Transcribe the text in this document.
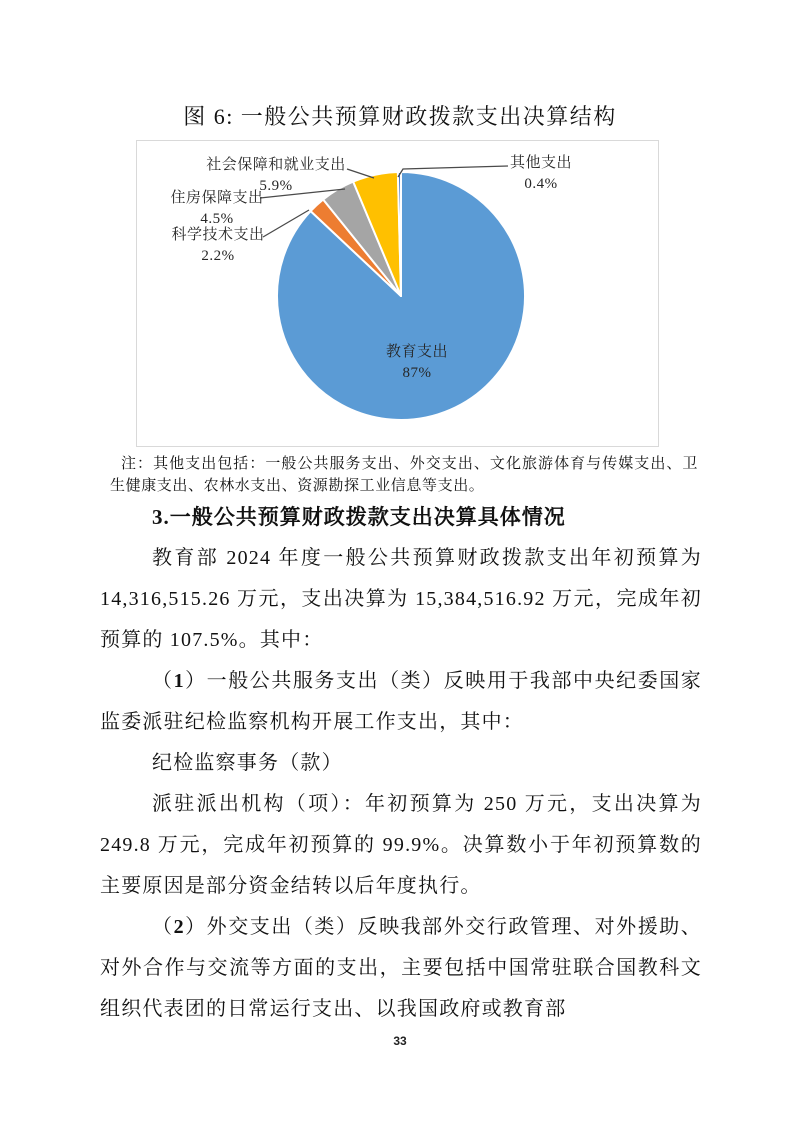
图 6: 一般公共预算财政拨款支出决算结构
社会保障和就业支出
5.9%
其他支出
0.4%
住房保障支出
4.5%
科学技术支出
2.2%
教育支出
87%

注：其他支出包括：一般公共服务支出、外交支出、文化旅游体育与传媒支出、卫生健康支出、农林水支出、资源勘探工业信息等支出。

3.一般公共预算财政拨款支出决算具体情况

教育部 2024 年度一般公共预算财政拨款支出年初预算为 14,316,515.26 万元，支出决算为 15,384,516.92 万元，完成年初预算的 107.5%。其中：

（1）一般公共服务支出（类）反映用于我部中央纪委国家监委派驻纪检监察机构开展工作支出，其中：

纪检监察事务（款）

派驻派出机构（项）：年初预算为 250 万元，支出决算为 249.8 万元，完成年初预算的 99.9%。决算数小于年初预算数的主要原因是部分资金结转以后年度执行。

（2）外交支出（类）反映我部外交行政管理、对外援助、对外合作与交流等方面的支出，主要包括中国常驻联合国教科文组织代表团的日常运行支出、以我国政府或教育部

33
